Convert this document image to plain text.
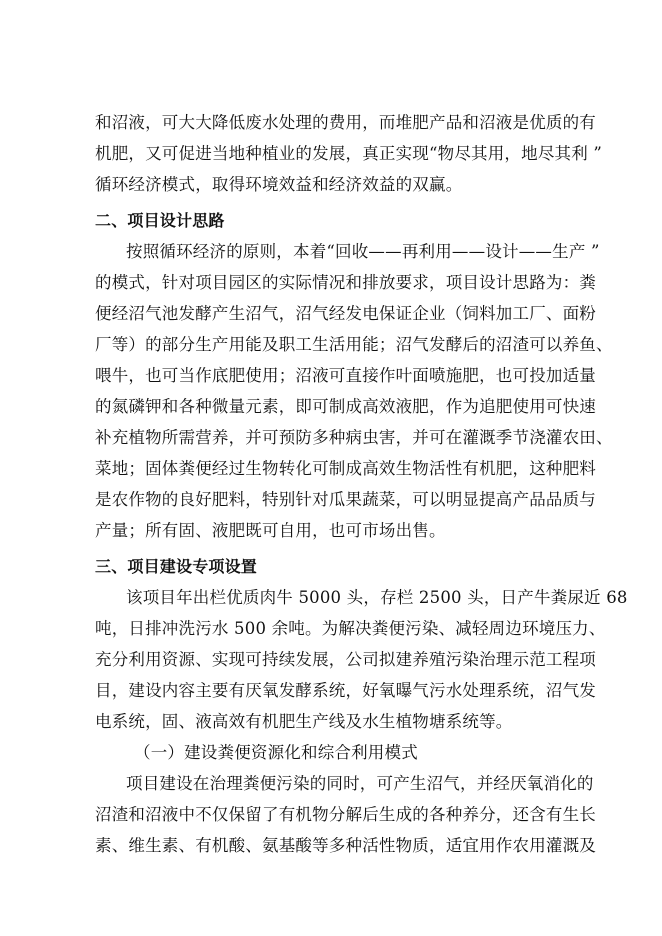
和沼液，可大大降低废水处理的费用，而堆肥产品和沼液是优质的有
机肥，又可促进当地种植业的发展，真正实现“物尽其用，地尽其利 ”
循环经济模式，取得环境效益和经济效益的双赢。
二、项目设计思路
按照循环经济的原则，本着“回收——再利用——设计——生产 ”
的模式，针对项目园区的实际情况和排放要求，项目设计思路为：粪
便经沼气池发酵产生沼气，沼气经发电保证企业（饲料加工厂、面粉
厂等）的部分生产用能及职工生活用能；沼气发酵后的沼渣可以养鱼、
喂牛，也可当作底肥使用；沼液可直接作叶面喷施肥，也可投加适量
的氮磷钾和各种微量元素，即可制成高效液肥，作为追肥使用可快速
补充植物所需营养，并可预防多种病虫害，并可在灌溉季节浇灌农田、
菜地；固体粪便经过生物转化可制成高效生物活性有机肥，这种肥料
是农作物的良好肥料，特别针对瓜果蔬菜，可以明显提高产品品质与
产量；所有固、液肥既可自用，也可市场出售。
三、项目建设专项设置
该项目年出栏优质肉牛 5000 头，存栏 2500 头，日产牛粪尿近 68
吨，日排冲洗污水 500 余吨。为解决粪便污染、减轻周边环境压力、
充分利用资源、实现可持续发展，公司拟建养殖污染治理示范工程项
目，建设内容主要有厌氧发酵系统，好氧曝气污水处理系统，沼气发
电系统，固、液高效有机肥生产线及水生植物塘系统等。
（一）建设粪便资源化和综合利用模式
项目建设在治理粪便污染的同时，可产生沼气，并经厌氧消化的
沼渣和沼液中不仅保留了有机物分解后生成的各种养分，还含有生长
素、维生素、有机酸、氨基酸等多种活性物质，适宜用作农用灌溉及
